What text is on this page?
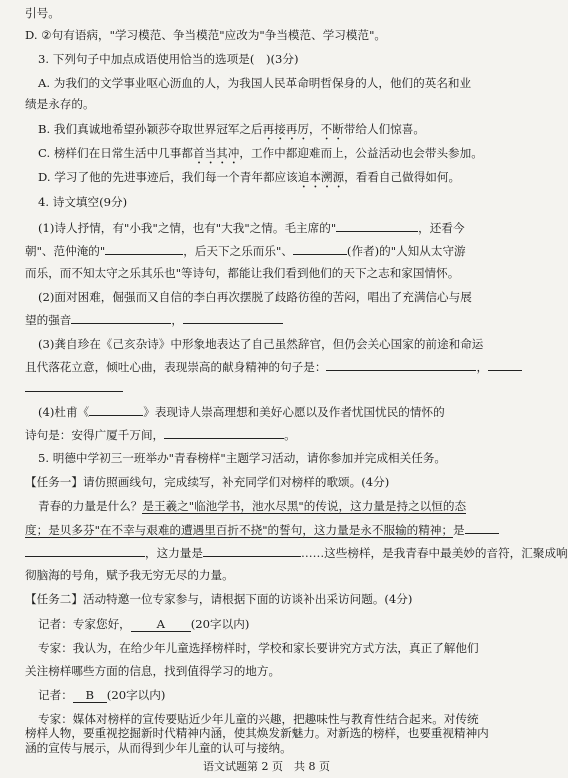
引号。
D. ②句有语病，"学习模范、争当模范"应改为"争当模范、学习模范"。
3. 下列句子中加点成语使用恰当的选项是(　)(3分)
A. 为我们的文学事业呕心沥血的人，为我国人民革命明哲保身的人，他们的英名和业
绩是永存的。
B. 我们真诚地希望孙颖莎夺取世界冠军之后再接再厉，不断带给人们惊喜。
C. 榜样们在日常生活中几事都首当其冲，工作中都迎难而上，公益活动也会带头参加。
D. 学习了他的先进事迹后，我们每一个青年都应该追本溯源，看看自己做得如何。
4. 诗文填空(9分)
(1)诗人抒情，有"小我"之情，也有"大我"之情。毛主席的"	，还看今
朝"、范仲淹的"	，后天下之乐而乐"、	(作者)的"人知从太守游
而乐，而不知太守之乐其乐也"等诗句，都能让我们看到他们的天下之志和家国情怀。
(2)面对困难，倔强而又自信的李白再次摆脱了歧路彷徨的苦闷，唱出了充满信心与展
望的强音	，
(3)龚自珍在《己亥杂诗》中形象地表达了自己虽然辞官，但仍会关心国家的前途和命运
且代落花立意，倾吐心曲，表现崇高的献身精神的句子是：	，
(4)杜甫《	》表现诗人崇高理想和美好心愿以及作者忧国忧民的情怀的
诗句是：安得广厦千万间，	。
5. 明德中学初三一班举办"青春榜样"主题学习活动，请你参加并完成相关任务。
【任务一】请仿照画线句，完成续写，补充同学们对榜样的歌颂。(4分)
青春的力量是什么？是王羲之"临池学书，池水尽黑"的传说，这力量是持之以恒的态
度；是贝多芬"在不幸与艰难的遭遇里百折不挠"的誓句，这力量是永不服输的精神；是
，这力量是	……这些榜样，是我青春中最美妙的音符，汇聚成响
彻脑海的号角，赋予我无穷无尽的力量。
【任务二】活动特邀一位专家参与，请根据下面的访谈补出采访问题。(4分)
记者：专家您好， A (20字以内)
专家：我认为，在给少年儿童选择榜样时，学校和家长要讲究方式方法，真正了解他们
关注榜样哪些方面的信息，找到值得学习的地方。
记者： B (20字以内)
专家：媒体对榜样的宣传要贴近少年儿童的兴趣，把趣味性与教育性结合起来。对传统
榜样人物，要重视挖掘新时代精神内涵，使其焕发新魅力。对新选的榜样，也要重视精神内
涵的宣传与展示，从而得到少年儿童的认可与接纳。
语文试题第 2 页　共 8 页
